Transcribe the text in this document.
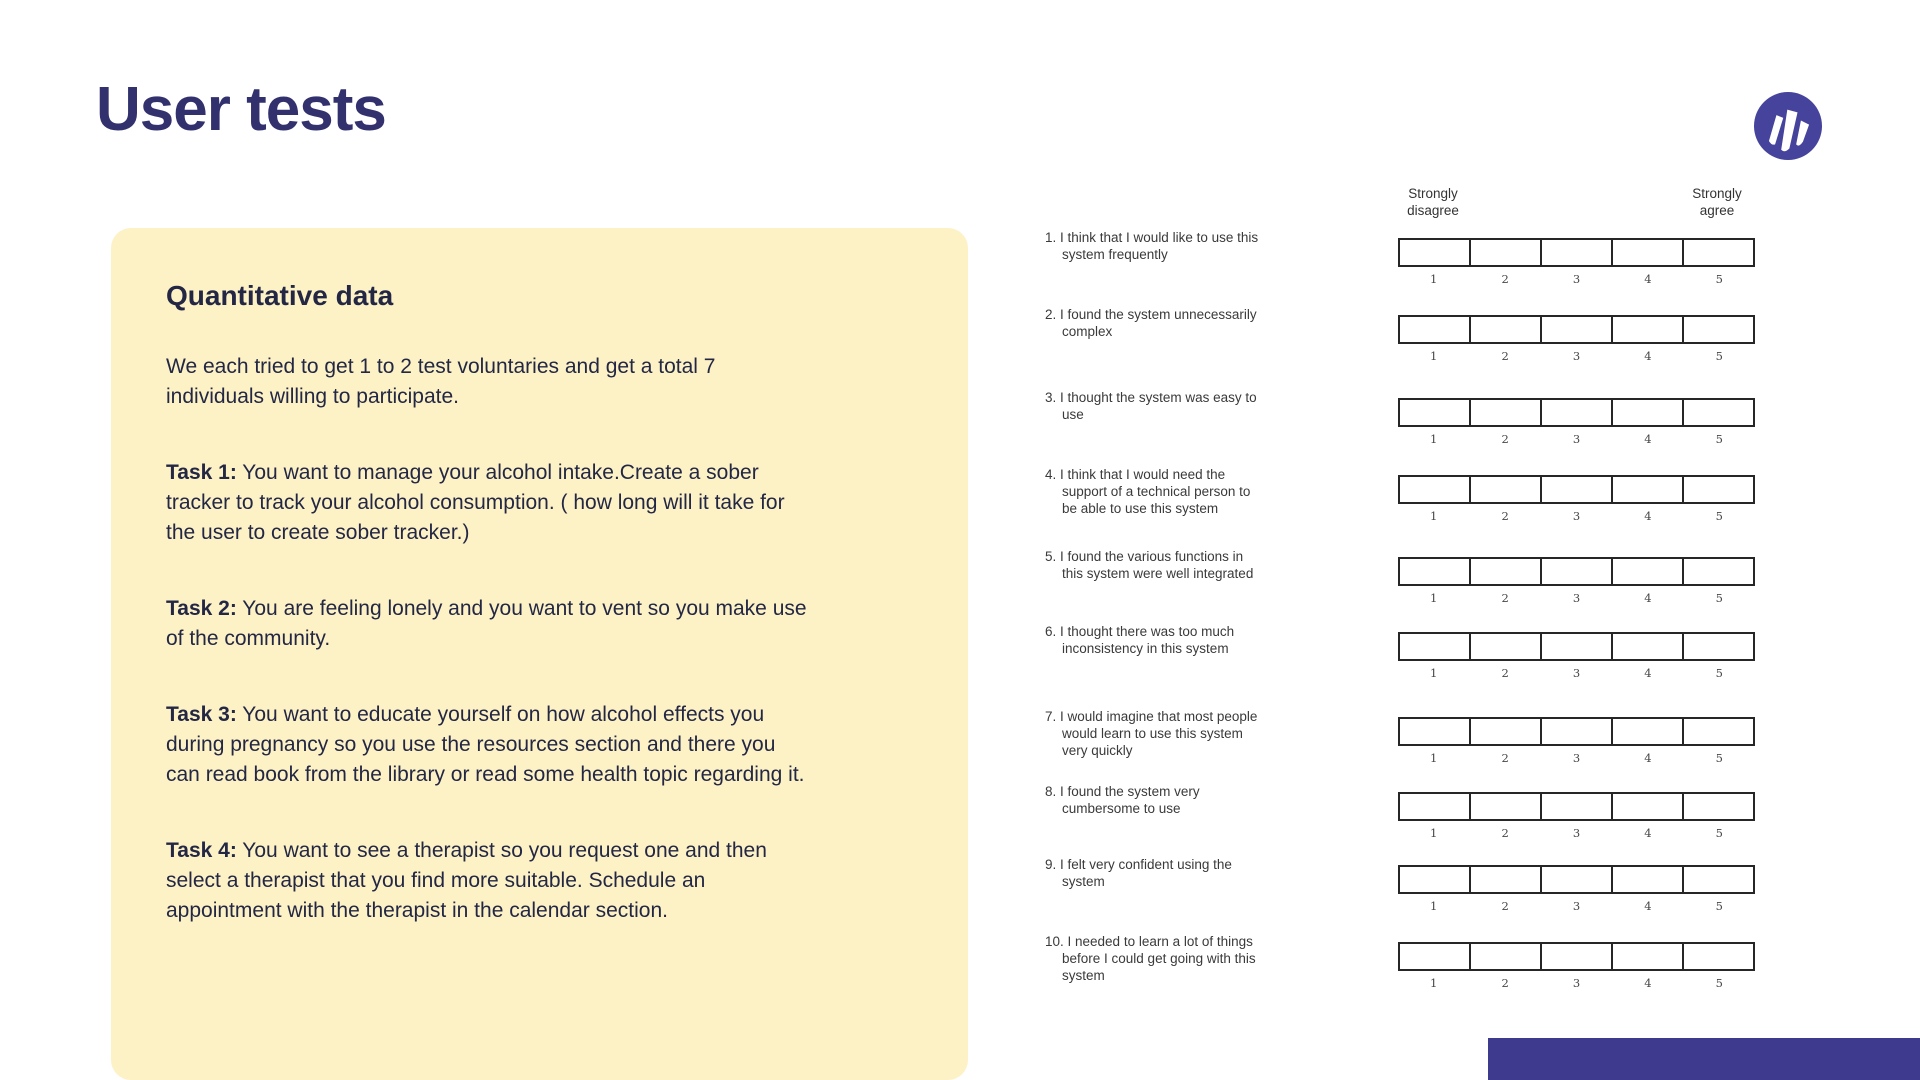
User tests
Quantitative data

We each tried to get 1 to 2 test voluntaries and get a total 7 individuals willing to participate.

Task 1: You want to manage your alcohol intake.Create a sober tracker to track your alcohol consumption. ( how long will it take for the user to create sober tracker.)

Task 2: You are feeling lonely and you want to vent so you make use of the community.

Task 3: You want to educate yourself on how alcohol effects you during pregnancy so you use the resources section and there you can read book from the library or read some health topic regarding it.

Task 4: You want to see a therapist so you request one and then select a therapist that you find more suitable. Schedule an appointment with the therapist in the calendar section.

Strongly
disagree
Strongly
agree
1. I think that I would like to use this system frequently
1	2	3	4	5
2. I found the system unnecessarily complex
1	2	3	4	5
3. I thought the system was easy to use
1	2	3	4	5
4. I think that I would need the support of a technical person to be able to use this system	1	2	3	4	5
5. I found the various functions in this system were well integrated
1	2	3	4	5
6. I thought there was too much inconsistency in this system
1	2	3	4	5
7. I would imagine that most people would learn to use this system very quickly	1	2	3	4	5
8. I found the system very cumbersome to use
1	2	3	4	5
9. I felt very confident using the system
1	2	3	4	5
10. I needed to learn a lot of things before I could get going with this system	1	2	3	4	5
